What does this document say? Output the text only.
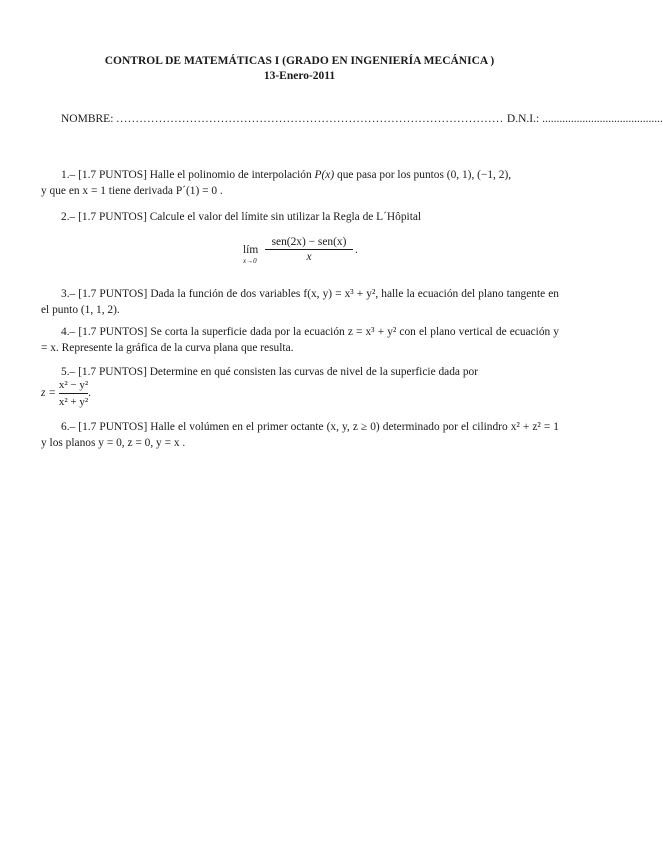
CONTROL DE MATEMÁTICAS I (GRADO EN INGENIERÍA MECÁNICA )
13-Enero-2011
NOMBRE: .................................................................................................... D.N.I.: ..........................................
1.– [1.7 PUNTOS] Halle el polinomio de interpolación P(x) que pasa por los puntos (0, 1), (−1, 2),
y que en x = 1 tiene derivada P´(1) = 0 .
2.– [1.7 PUNTOS] Calcule el valor del límite sin utilizar la Regla de L´Hôpital
lím
x→0
sen(2x) − sen(x)
x
.
3.– [1.7 PUNTOS] Dada la función de dos variables f(x, y) = x³ + y², halle la ecuación del plano tangente en el punto (1, 1, 2).
4.– [1.7 PUNTOS] Se corta la superficie dada por la ecuación z = x³ + y² con el plano vertical de ecuación y = x. Represente la gráfica de la curva plana que resulta.
5.– [1.7 PUNTOS] Determine en qué consisten las curvas de nivel de la superficie dada por
$z = \frac{\text{x² − y²}}{\text{x² + y²}}$ .
6.– [1.7 PUNTOS] Halle el volúmen en el primer octante (x, y, z ≥ 0) determinado por el cilindro x² + z² = 1 y los planos y = 0, z = 0, y = x .
